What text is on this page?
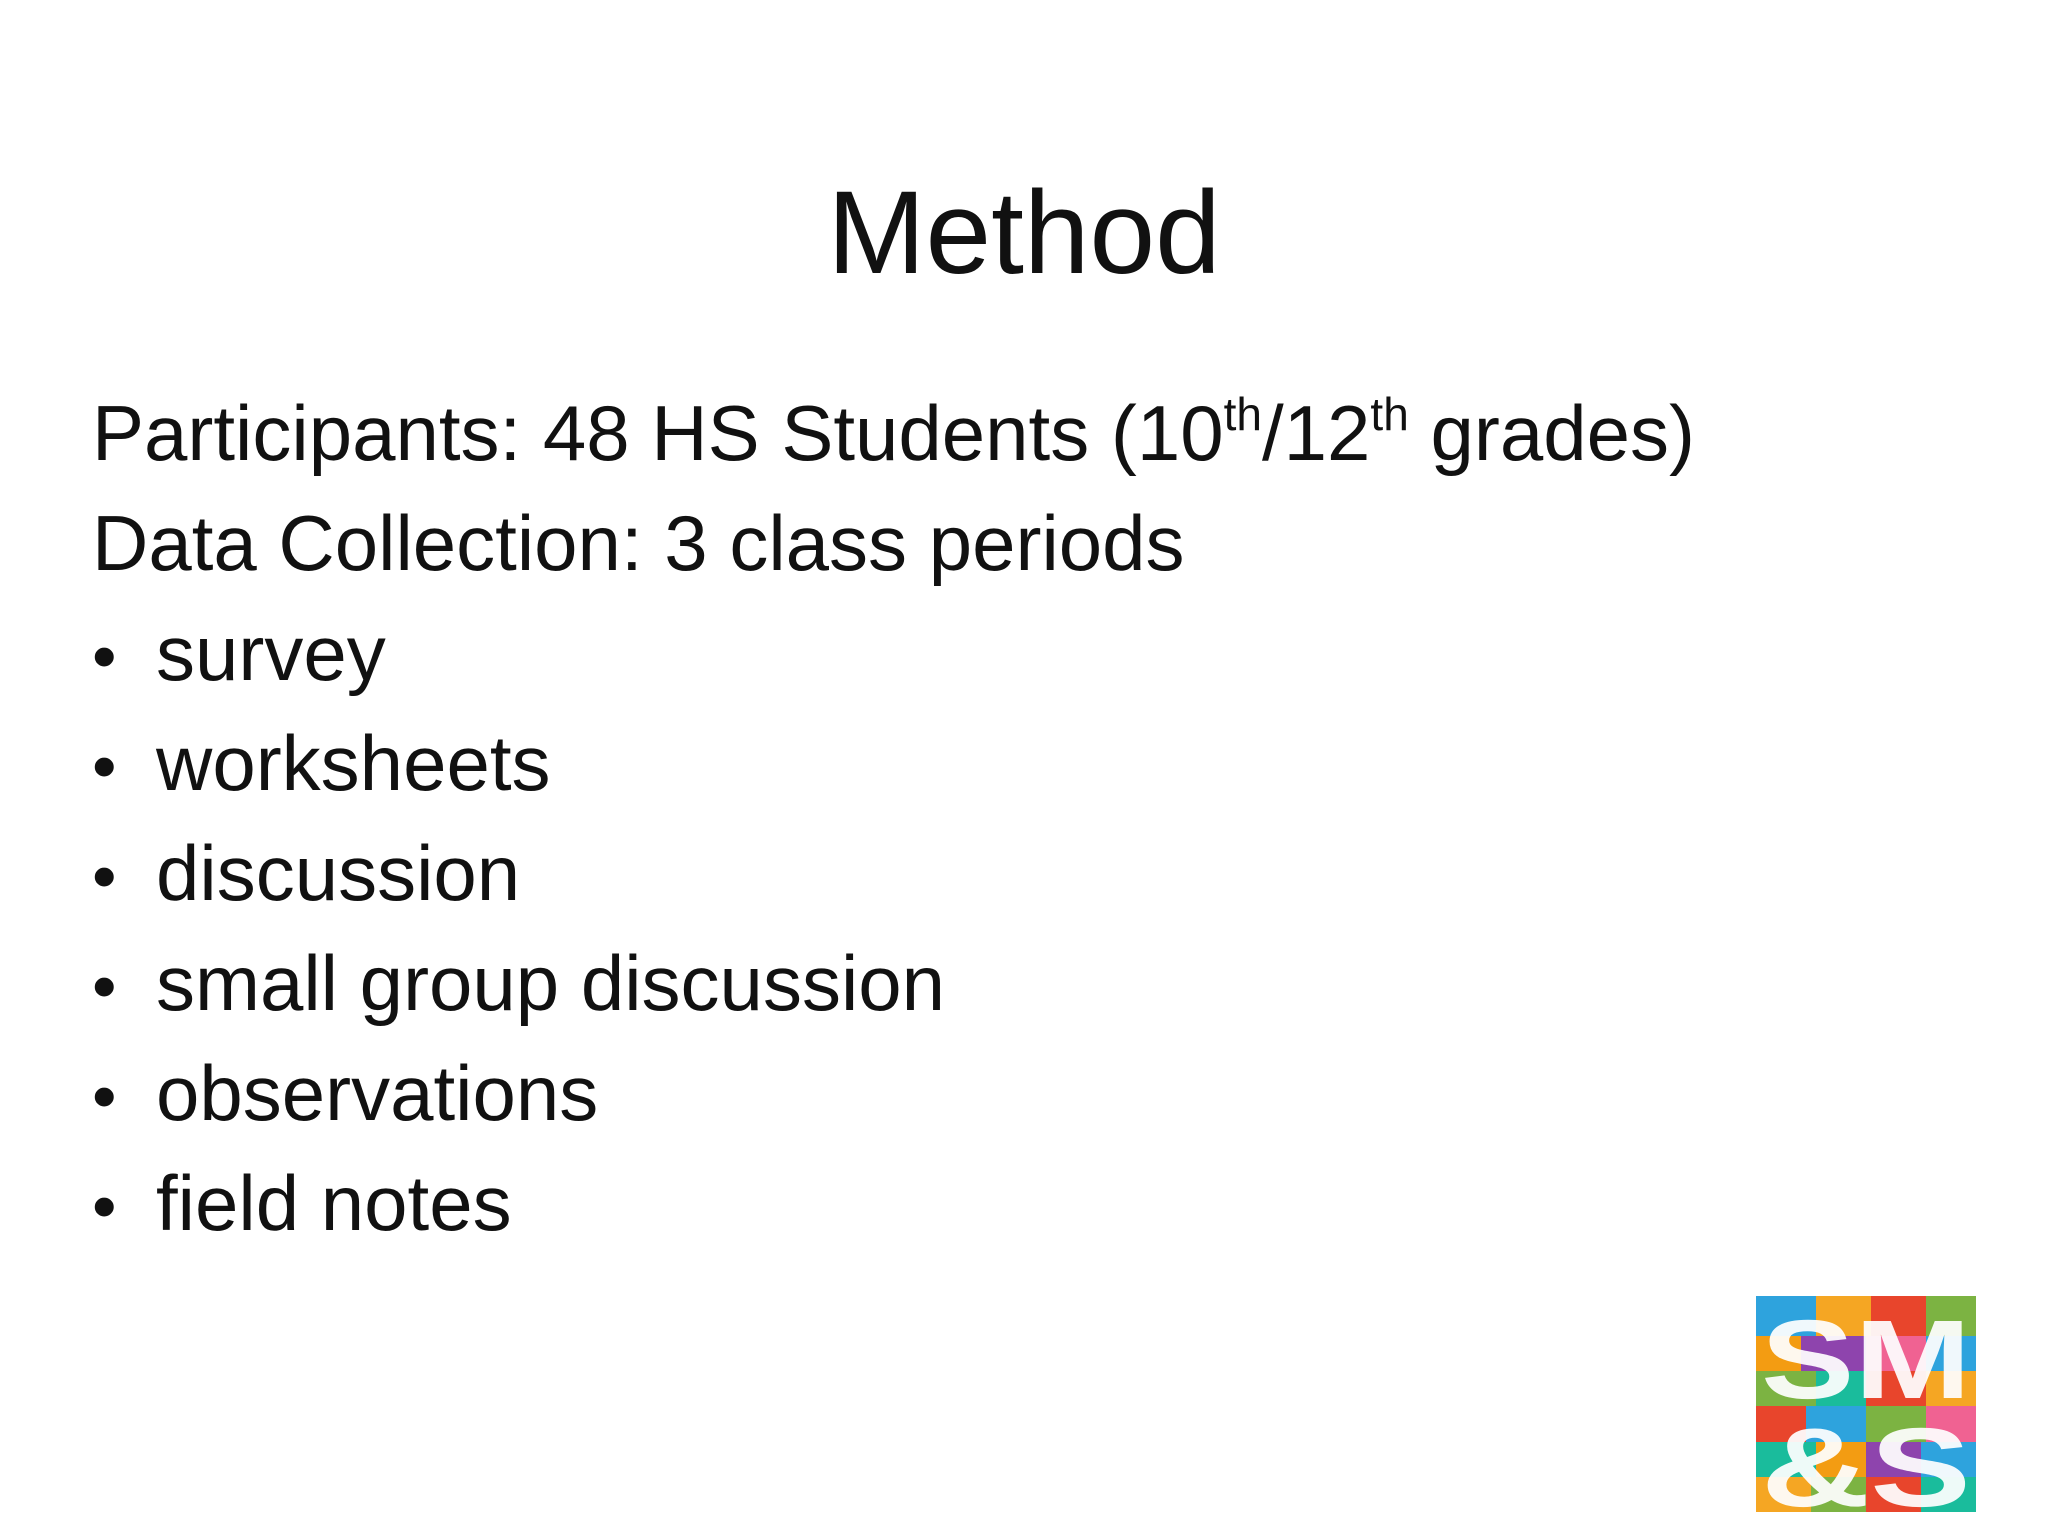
Method
Participants: 48 HS Students (10th/12th grades)
Data Collection: 3 class periods
• survey
• worksheets
• discussion
• small group discussion
• observations
• field notes
SM
&S
